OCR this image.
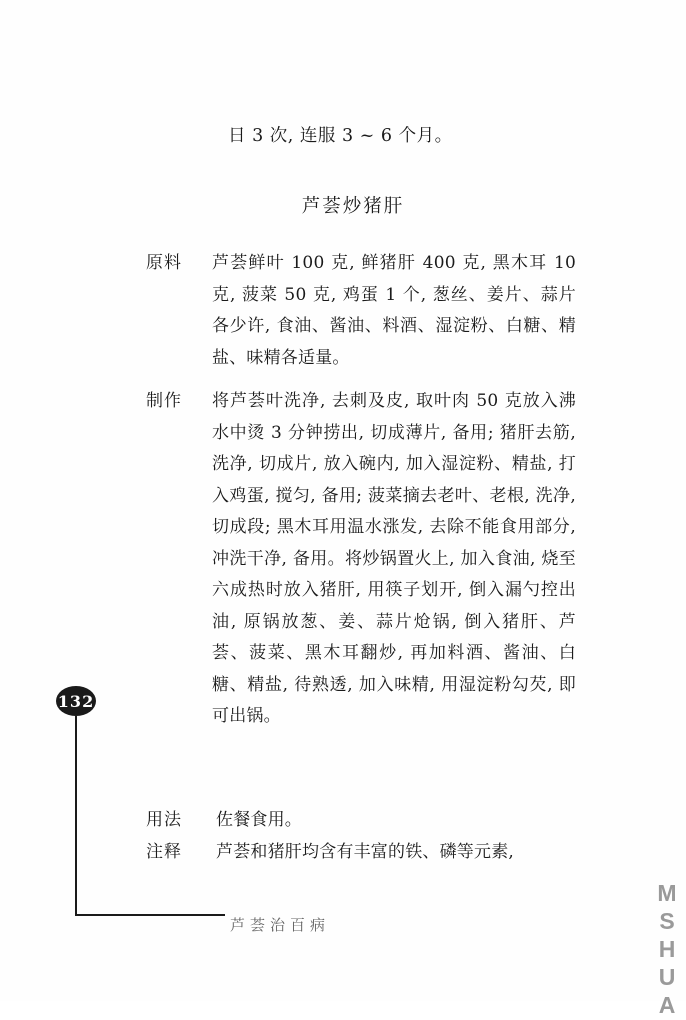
日 3 次, 连服 3 ~ 6 个月。
芦荟炒猪肝
原料	芦荟鲜叶 100 克, 鲜猪肝 400 克, 黑木耳 10 克, 菠菜 50 克, 鸡蛋 1 个, 葱丝、姜片、蒜片各少许, 食油、酱油、料酒、湿淀粉、白糖、精盐、味精各适量。
制作	将芦荟叶洗净, 去刺及皮, 取叶肉 50 克放入沸水中烫 3 分钟捞出, 切成薄片, 备用; 猪肝去筋, 洗净, 切成片, 放入碗内, 加入湿淀粉、精盐, 打入鸡蛋, 搅匀, 备用; 菠菜摘去老叶、老根, 洗净, 切成段; 黑木耳用温水涨发, 去除不能食用部分, 冲洗干净, 备用。将炒锅置火上, 加入食油, 烧至六成热时放入猪肝, 用筷子划开, 倒入漏勺控出油, 原锅放葱、姜、蒜片炝锅, 倒入猪肝、芦荟、菠菜、黑木耳翻炒, 再加料酒、酱油、白糖、精盐, 待熟透, 加入味精, 用湿淀粉勾芡, 即可出锅。
用法	佐餐食用。
注释	芦荟和猪肝均含有丰富的铁、磷等元素,
132
芦荟治百病	MSHUA
